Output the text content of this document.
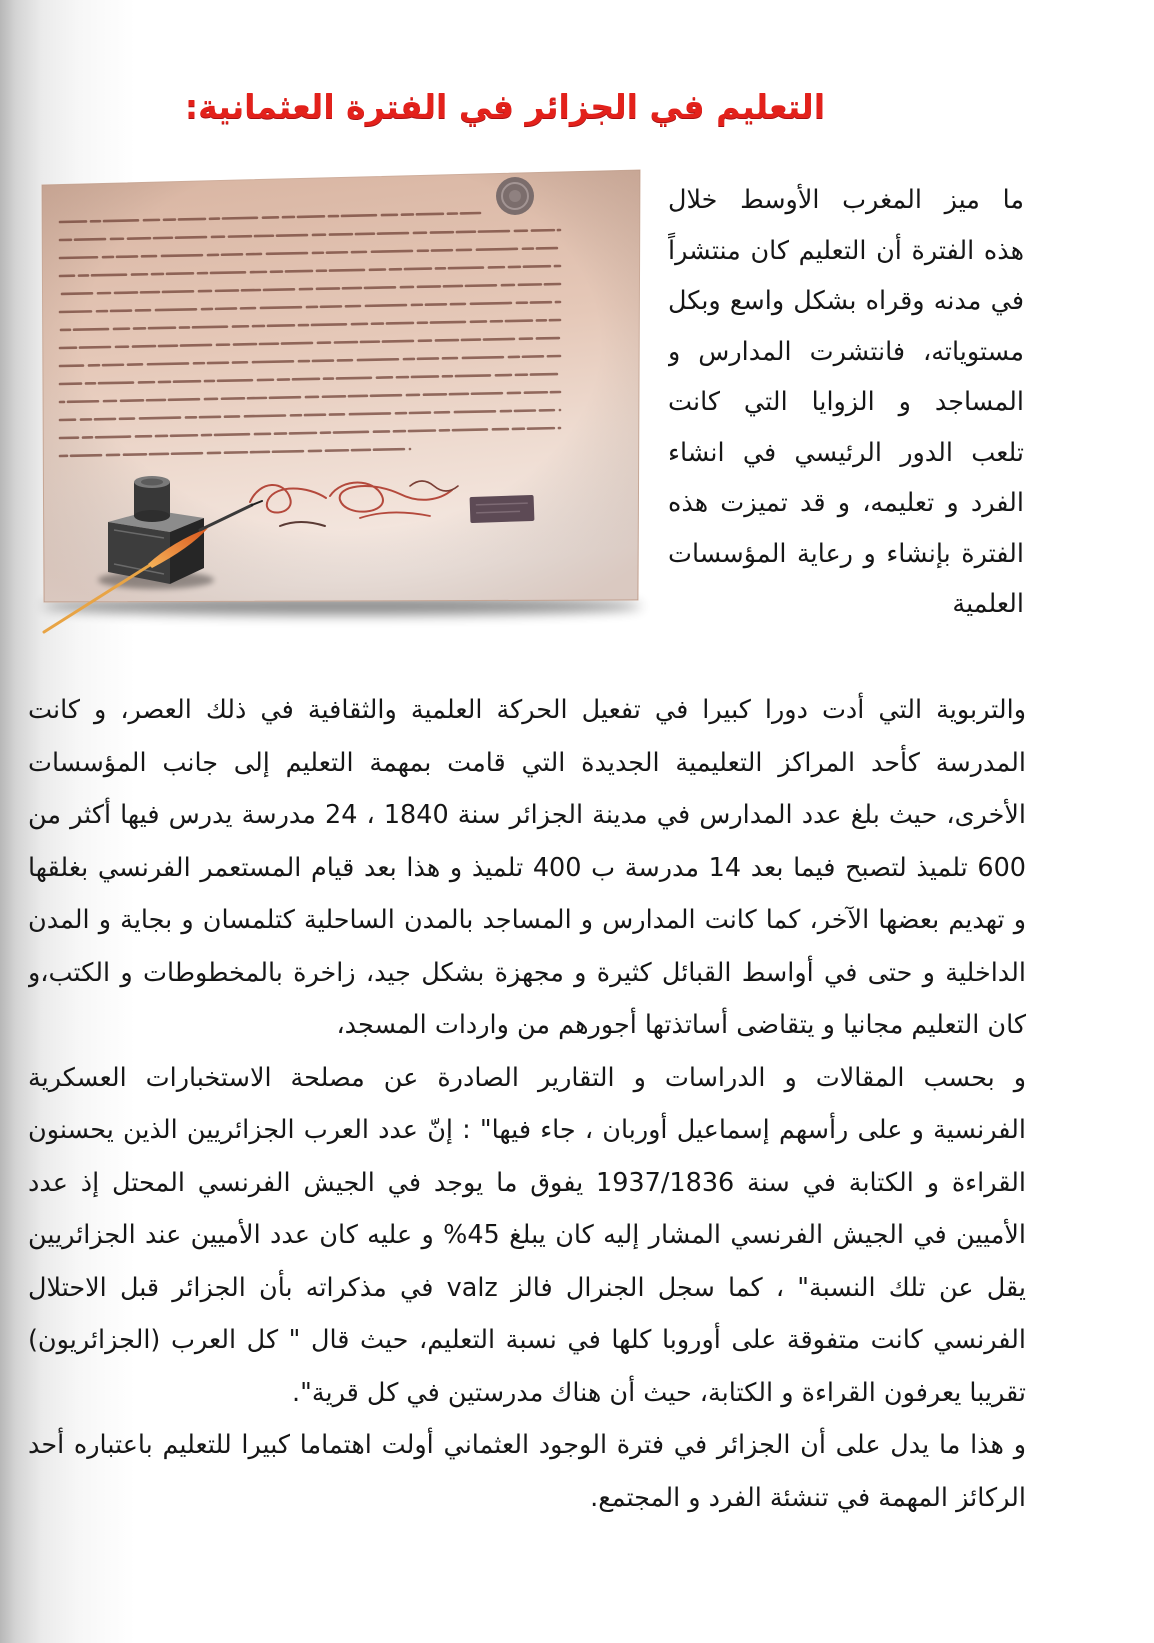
التعليم في الجزائر في الفترة العثمانية:
ما ميز المغرب الأوسط خلال
هذه الفترة أن التعليم كان منتشراً
في مدنه وقراه بشكل واسع وبكل
مستوياته، فانتشرت المدارس و
المساجد و الزوايا التي كانت
تلعب الدور الرئيسي في انشاء
الفرد و تعليمه، و قد تميزت هذه
الفترة بإنشاء و رعاية المؤسسات
العلمية
والتربوية التي أدت دورا كبيرا في تفعيل الحركة العلمية والثقافية في ذلك العصر، و كانت
المدرسة كأحد المراكز التعليمية الجديدة التي قامت بمهمة التعليم إلى جانب المؤسسات
الأخرى، حيث بلغ عدد المدارس في مدينة الجزائر سنة 1840 ، 24 مدرسة يدرس فيها أكثر من
600 تلميذ لتصبح فيما بعد 14 مدرسة ب 400 تلميذ و هذا بعد قيام المستعمر الفرنسي بغلقها
و تهديم بعضها الآخر، كما كانت المدارس و المساجد بالمدن الساحلية كتلمسان و بجاية و المدن
الداخلية و حتى في أواسط القبائل كثيرة و مجهزة بشكل جيد، زاخرة بالمخطوطات و الكتب،و
كان التعليم مجانيا و يتقاضى أساتذتها أجورهم من واردات المسجد،
و بحسب المقالات و الدراسات و التقارير الصادرة عن مصلحة الاستخبارات العسكرية
الفرنسية و على رأسهم إسماعيل أوربان ، جاء فيها" : إنّ عدد العرب الجزائريين الذين يحسنون
القراءة و الكتابة في سنة 1937/1836 يفوق ما يوجد في الجيش الفرنسي المحتل إذ عدد
الأميين في الجيش الفرنسي المشار إليه كان يبلغ 45% و عليه كان عدد الأميين عند الجزائريين
يقل عن تلك النسبة" ، كما سجل الجنرال فالز valz في مذكراته بأن الجزائر قبل الاحتلال
الفرنسي كانت متفوقة على أوروبا كلها في نسبة التعليم، حيث قال " كل العرب (الجزائريون)
تقريبا يعرفون القراءة و الكتابة، حيث أن هناك مدرستين في كل قرية".
و هذا ما يدل على أن الجزائر في فترة الوجود العثماني أولت اهتماما كبيرا للتعليم باعتباره أحد
الركائز المهمة في تنشئة الفرد و المجتمع.
